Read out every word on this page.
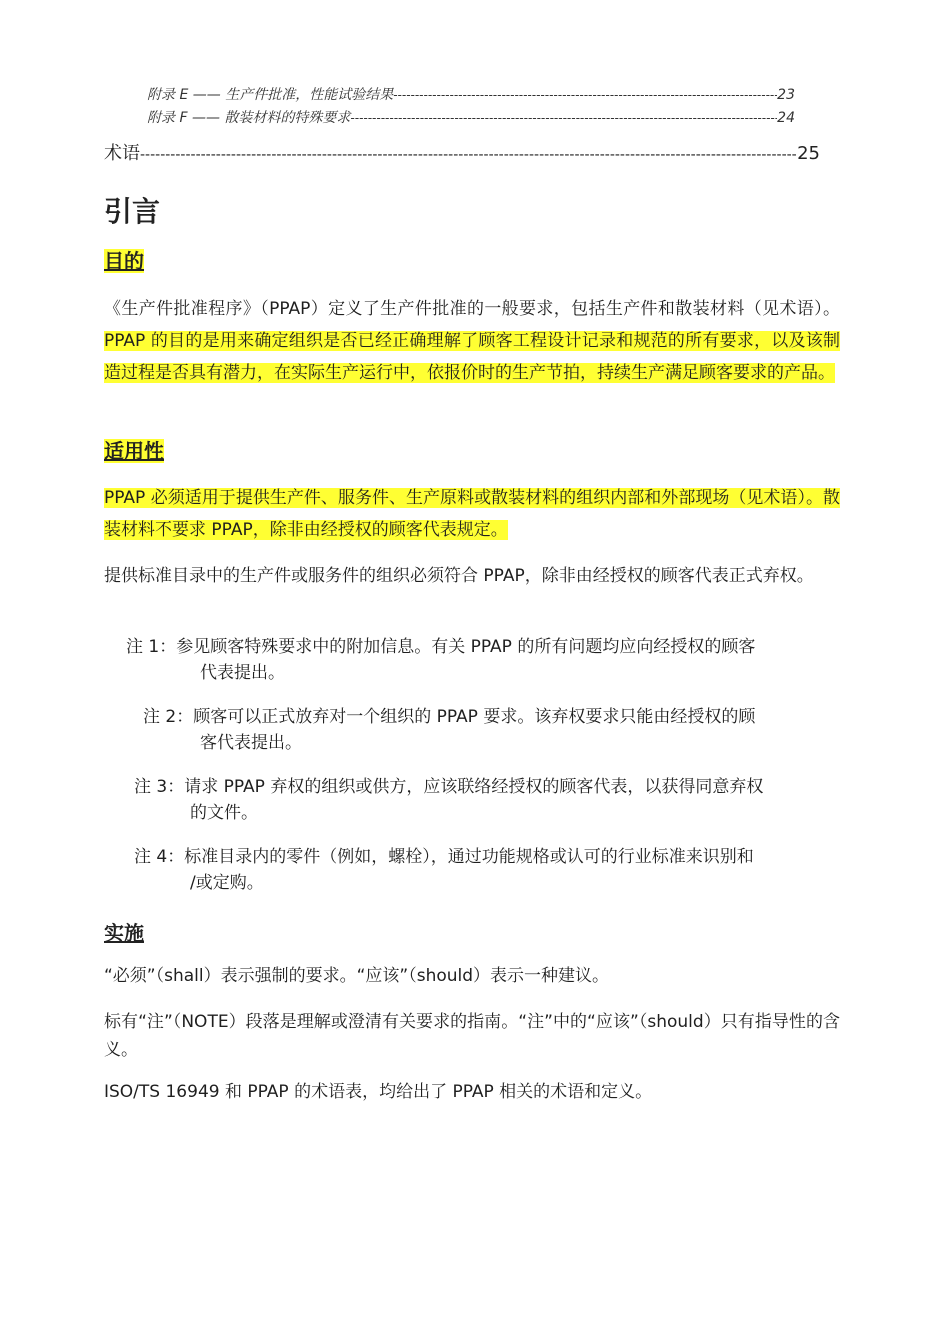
附录 E —— 生产件批准，性能试验结果 -----	23
附录 F —— 散装材料的特殊要求 -----	24
术语 -----	25
引言
目的

《生产件批准程序》（PPAP）定义了生产件批准的一般要求，包括生产件和散装材料（见术语）。PPAP 的目的是用来确定组织是否已经正确理解了顾客工程设计记录和规范的所有要求，以及该制造过程是否具有潜力，在实际生产运行中，依报价时的生产节拍，持续生产满足顾客要求的产品。

适用性

PPAP 必须适用于提供生产件、服务件、生产原料或散装材料的组织内部和外部现场（见术语）。散装材料不要求 PPAP，除非由经授权的顾客代表规定。

提供标准目录中的生产件或服务件的组织必须符合 PPAP，除非由经授权的顾客代表正式弃权。

注 1：参见顾客特殊要求中的附加信息。有关 PPAP 的所有问题均应向经授权的顾客
代表提出。
注 2：顾客可以正式放弃对一个组织的 PPAP 要求。该弃权要求只能由经授权的顾
客代表提出。
注 3：请求 PPAP 弃权的组织或供方，应该联络经授权的顾客代表，以获得同意弃权
的文件。
注 4：标准目录内的零件（例如，螺栓），通过功能规格或认可的行业标准来识别和
/或定购。
实施

“必须”（shall）表示强制的要求。“应该”（should）表示一种建议。

标有“注”（NOTE）段落是理解或澄清有关要求的指南。“注”中的“应该”（should）只有指导性的含义。

ISO/TS 16949 和 PPAP 的术语表，均给出了 PPAP 相关的术语和定义。
